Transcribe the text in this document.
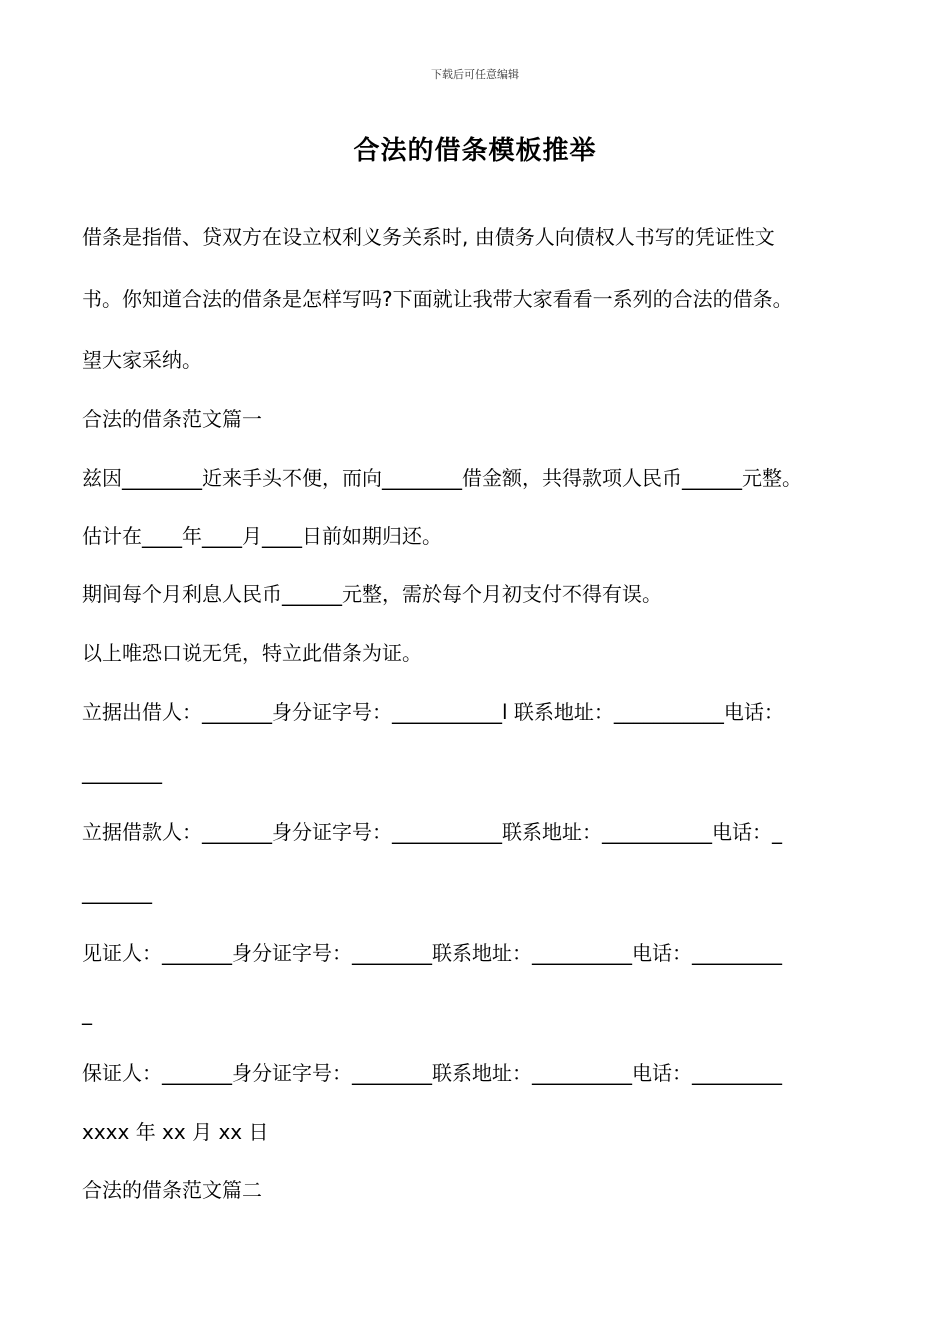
下载后可任意编辑
合法的借条模板推举
借条是指借、贷双方在设立权利义务关系时, 由债务人向债权人书写的凭证性文
书。你知道合法的借条是怎样写吗?下面就让我带大家看看一系列的合法的借条。
望大家采纳。
合法的借条范文篇一
兹因________近来手头不便，而向________借金额，共得款项人民币______元整。
估计在____年____月____日前如期归还。
期间每个月利息人民币______元整，需於每个月初支付不得有误。
以上唯恐口说无凭，特立此借条为证。
立据出借人：_______身分证字号：___________l 联系地址：___________电话：
________
立据借款人：_______身分证字号：___________联系地址：___________电话：_
_______
见证人：_______身分证字号：________联系地址：__________电话：_________
_
保证人：_______身分证字号：________联系地址：__________电话：_________
xxxx 年 xx 月 xx 日
合法的借条范文篇二
